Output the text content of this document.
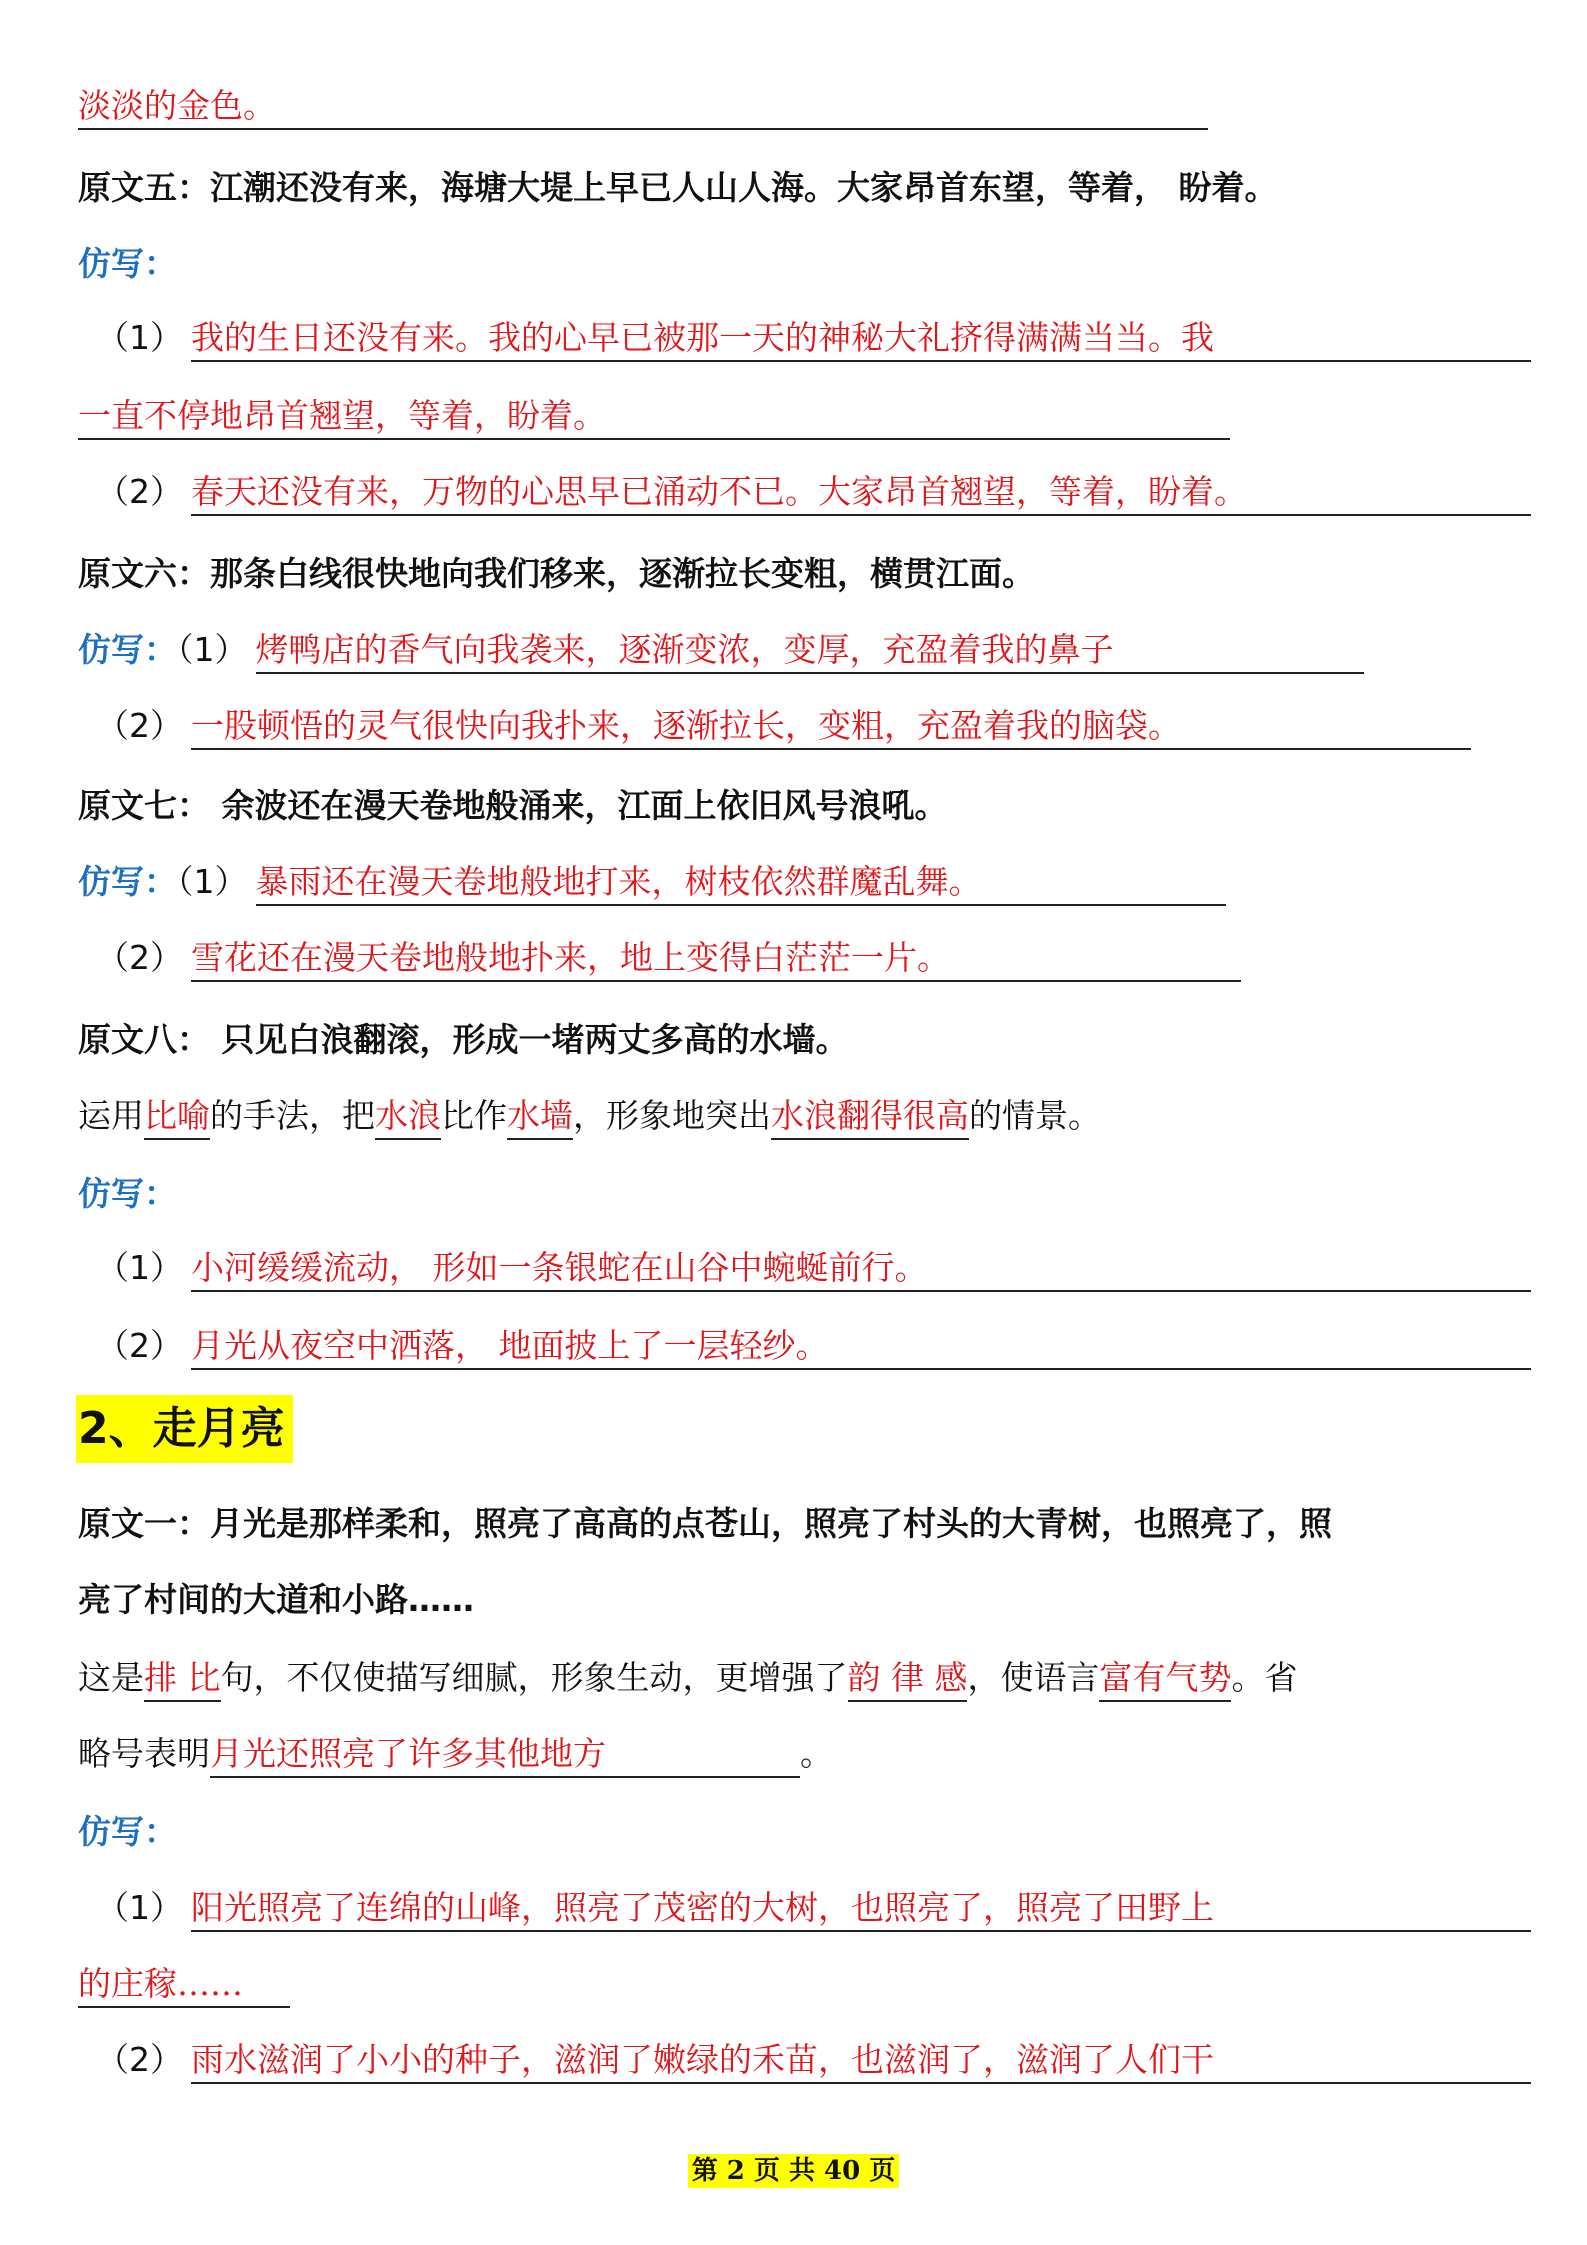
淡淡的金色。
原文五：江潮还没有来，海塘大堤上早已人山人海。大家昂首东望，等着， 盼着。
仿写：
（1） 我的生日还没有来。我的心早已被那一天的神秘大礼挤得满满当当。我
一直不停地昂首翘望，等着，盼着。
（2） 春天还没有来，万物的心思早已涌动不已。大家昂首翘望，等着，盼着。
原文六：那条白线很快地向我们移来，逐渐拉长变粗，横贯江面。
仿写：（1） 烤鸭店的香气向我袭来，逐渐变浓，变厚，充盈着我的鼻子
（2） 一股顿悟的灵气很快向我扑来，逐渐拉长，变粗，充盈着我的脑袋。
原文七： 余波还在漫天卷地般涌来，江面上依旧风号浪吼。
仿写：（1） 暴雨还在漫天卷地般地打来，树枝依然群魔乱舞。
（2） 雪花还在漫天卷地般地扑来，地上变得白茫茫一片。
原文八： 只见白浪翻滚，形成一堵两丈多高的水墙。
运用比喻的手法，把水浪比作水墙，形象地突出水浪翻得很高的情景。
仿写：
（1） 小河缓缓流动， 形如一条银蛇在山谷中蜿蜒前行。
（2） 月光从夜空中洒落， 地面披上了一层轻纱。
2、走月亮
原文一：月光是那样柔和，照亮了高高的点苍山，照亮了村头的大青树，也照亮了，照
亮了村间的大道和小路……
这是排 比句，不仅使描写细腻，形象生动，更增强了韵 律 感，使语言富有气势。省
略号表明月光还照亮了许多其他地方	。
仿写：
（1） 阳光照亮了连绵的山峰，照亮了茂密的大树，也照亮了，照亮了田野上
的庄稼……
（2） 雨水滋润了小小的种子，滋润了嫩绿的禾苗，也滋润了，滋润了人们干
第 2 页 共 40 页
